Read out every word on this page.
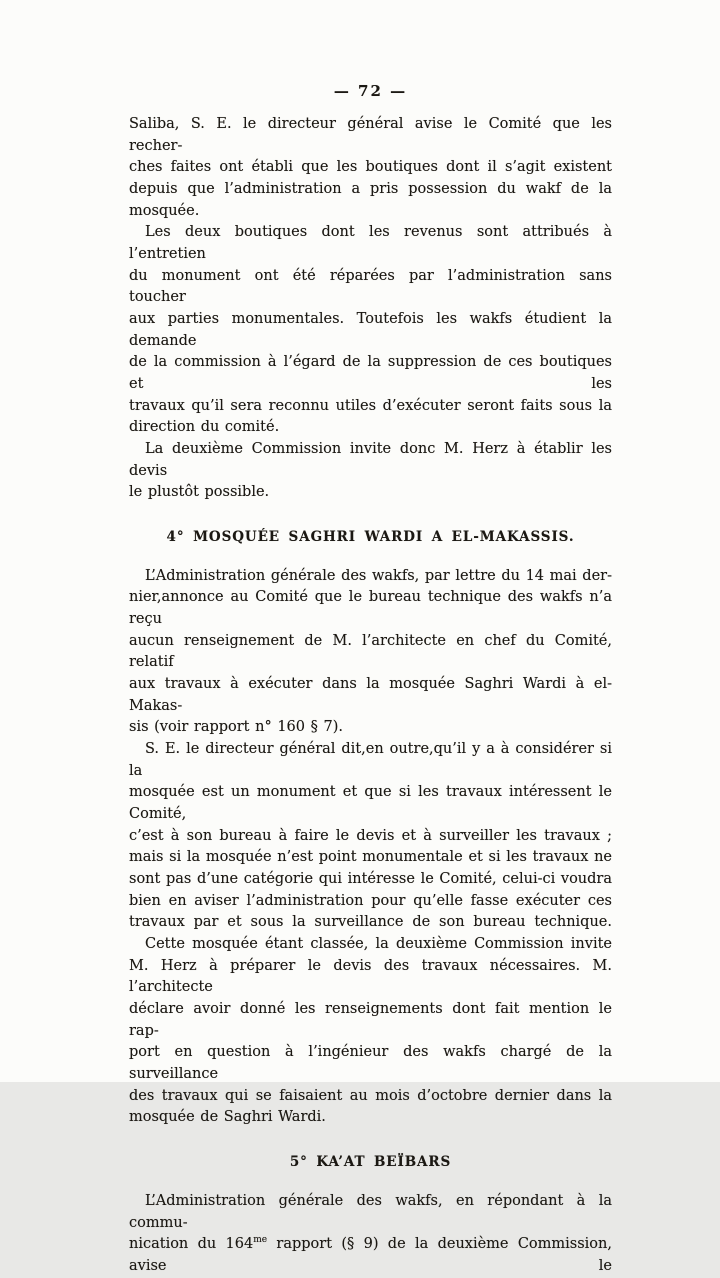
— 72 —
Saliba, S. E. le directeur général avise le Comité que les recher-
ches faites ont établi que les boutiques dont il s’agit existent
depuis que l’administration a pris possession du wakf de la mosquée.
Les deux boutiques dont les revenus sont attribués à l’entretien
du monument ont été réparées par l’administration sans toucher
aux parties monumentales. Toutefois les wakfs étudient la demande
de la commission à l’égard de la suppression de ces boutiques et les
travaux qu’il sera reconnu utiles d’exécuter seront faits sous la
direction du comité.
La deuxième Commission invite donc M. Herz à établir les devis
le plustôt possible.
4° MOSQUÉE SAGHRI WARDI A EL-MAKASSIS.
L’Administration générale des wakfs, par lettre du 14 mai der-
nier,annonce au Comité que le bureau technique des wakfs n’a reçu
aucun renseignement de M. l’architecte en chef du Comité, relatif
aux travaux à exécuter dans la mosquée Saghri Wardi à el-Makas-
sis (voir rapport n° 160 § 7).
S. E. le directeur général dit,en outre,qu’il y a à considérer si la
mosquée est un monument et que si les travaux intéressent le Comité,
c’est à son bureau à faire le devis et à surveiller les travaux ;
mais si la mosquée n’est point monumentale et si les travaux ne
sont pas d’une catégorie qui intéresse le Comité, celui-ci voudra
bien en aviser l’administration pour qu’elle fasse exécuter ces
travaux par et sous la surveillance de son bureau technique.
Cette mosquée étant classée, la deuxième Commission invite
M. Herz à préparer le devis des travaux nécessaires. M. l’architecte
déclare avoir donné les renseignements dont fait mention le rap-
port en question à l’ingénieur des wakfs chargé de la surveillance
des travaux qui se faisaient au mois d’octobre dernier dans la
mosquée de Saghri Wardi.
5° KA’AT BEÏBARS
L’Administration générale des wakfs, en répondant à la commu-
nication du $164^{me}$ rapport (§ 9) de la deuxième Commission, avise le
